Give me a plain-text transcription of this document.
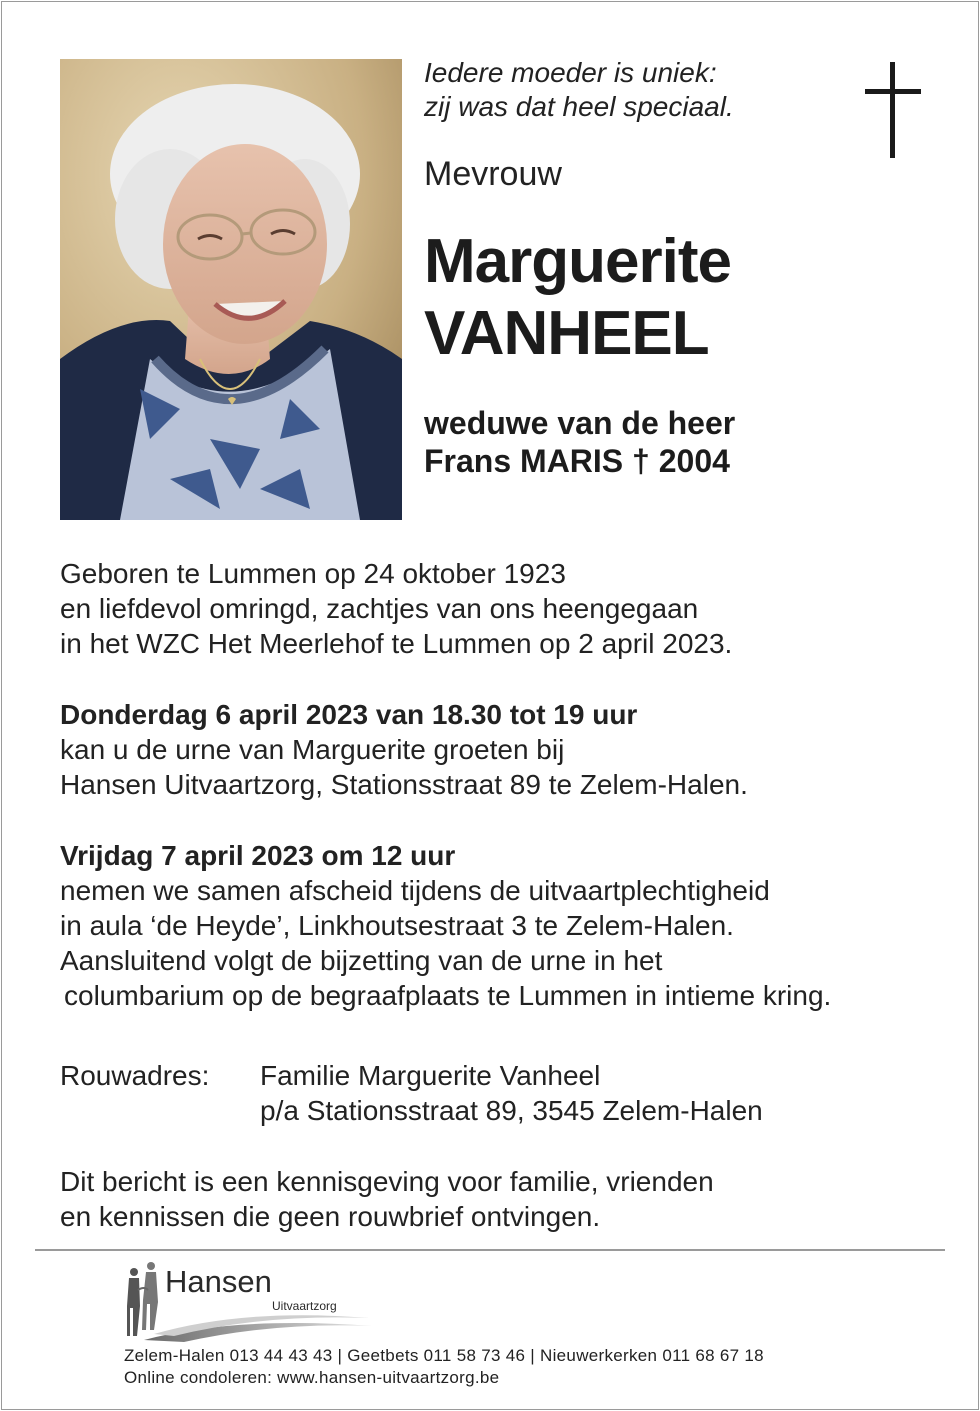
Iedere moeder is uniek:
zij was dat heel speciaal.
Mevrouw
Marguerite
VANHEEL
weduwe van de heer
Frans MARIS † 2004
Geboren te Lummen op 24 oktober 1923
en liefdevol omringd, zachtjes van ons heengegaan
in het WZC Het Meerlehof te Lummen op 2 april 2023.
Donderdag 6 april 2023 van 18.30 tot 19 uur
kan u de urne van Marguerite groeten bij
Hansen Uitvaartzorg, Stationsstraat 89 te Zelem-Halen.
Vrijdag 7 april 2023 om 12 uur
nemen we samen afscheid tijdens de uitvaartplechtigheid
in aula ‘de Heyde’, Linkhoutsestraat 3 te Zelem-Halen.
Aansluitend volgt de bijzetting van de urne in het
columbarium op de begraafplaats te Lummen in intieme kring.
Rouwadres: Familie Marguerite Vanheel
p/a Stationsstraat 89, 3545 Zelem-Halen
Dit bericht is een kennisgeving voor familie, vrienden
en kennissen die geen rouwbrief ontvingen.
Hansen
Uitvaartzorg
Zelem-Halen 013 44 43 43 | Geetbets 011 58 73 46 | Nieuwerkerken 011 68 67 18
Online condoleren: www.hansen-uitvaartzorg.be
